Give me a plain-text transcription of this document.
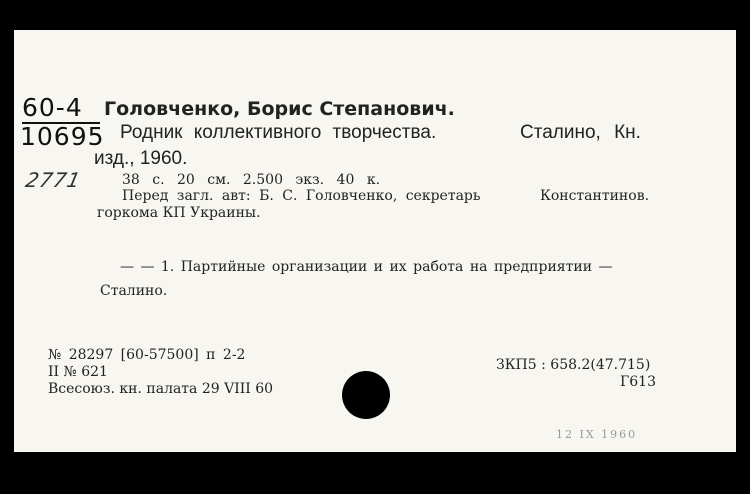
60-4
10695
2771
Головченко, Борис Степанович.
Родник коллективного творчества.	Сталино, Кн.
изд., 1960.
38 с. 20 см. 2.500 экз. 40 к.
Перед загл. авт: Б. С. Головченко, секретарь	Константинов.
горкома КП Украины.
— — 1. Партийные организации и их работа на предприятии —
Сталино.
№ 28297 [60-57500] п 2-2
II № 621
Всесоюз. кн. палата 29 VIII 60
ЗКП5 : 658.2(47.715)
Г613
12 IX 1960
